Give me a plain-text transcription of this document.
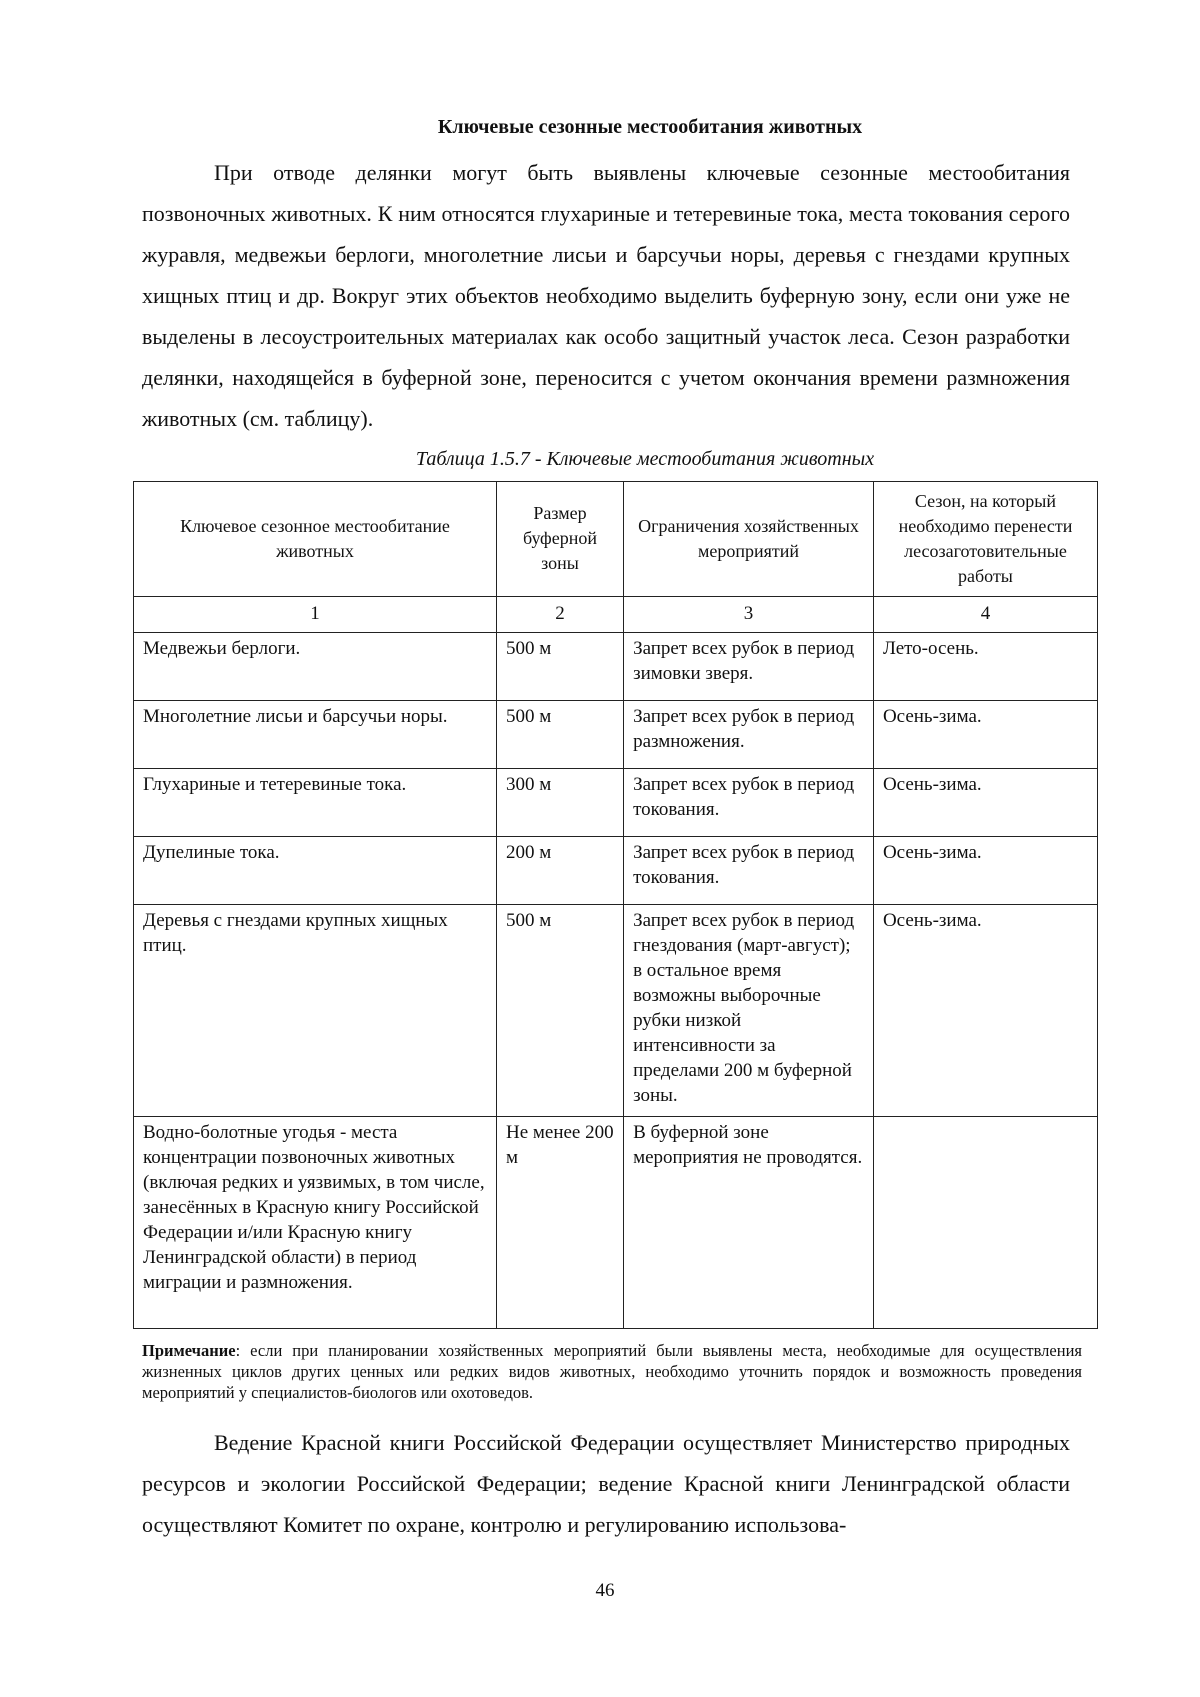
Ключевые сезонные местообитания животных

При отводе делянки могут быть выявлены ключевые сезонные местообитания позвоночных животных. К ним относятся глухариные и тетеревиные тока, места токования серого журавля, медвежьи берлоги, многолетние лисьи и барсучьи норы, деревья с гнездами крупных хищных птиц и др. Вокруг этих объектов необходимо выделить буферную зону, если они уже не выделены в лесоустроительных материалах как особо защитный участок леса. Сезон разработки делянки, находящейся в буферной зоне, переносится с учетом окончания времени размножения животных (см. таблицу).

Таблица 1.5.7 - Ключевые местообитания животных
Ключевое сезонное местообитание животных	Размер буферной зоны	Ограничения хозяйственных мероприятий	Сезон, на который необходимо перенести лесозаготовительные работы
1	2	3	4
Медвежьи берлоги.	500 м	Запрет всех рубок в период зимовки зверя.	Лето-осень.
Многолетние лисьи и барсучьи норы.	500 м	Запрет всех рубок в период размножения.	Осень-зима.
Глухариные и тетеревиные тока.	300 м	Запрет всех рубок в период токования.	Осень-зима.
Дупелиные тока.	200 м	Запрет всех рубок в период токования.	Осень-зима.
Деревья с гнездами крупных хищных птиц.	500 м	Запрет всех рубок в период гнездования (март-август); в остальное время возможны выборочные рубки низкой интенсивности за пределами 200 м буферной зоны.	Осень-зима.
Водно-болотные угодья - места концентрации позвоночных животных (включая редких и уязвимых, в том числе, занесённых в Красную книгу Российской Федерации и/или Красную книгу Ленинградской области) в период миграции и размножения.	Не менее 200 м	В буферной зоне мероприятия не проводятся.	

Примечание: если при планировании хозяйственных мероприятий были выявлены места, необходимые для осуществления жизненных циклов других ценных или редких видов животных, необходимо уточнить порядок и возможность проведения мероприятий у специалистов-биологов или охотоведов.

Ведение Красной книги Российской Федерации осуществляет Министерство природных ресурсов и экологии Российской Федерации; ведение Красной книги Ленинградской области осуществляют Комитет по охране, контролю и регулированию использова-

46
